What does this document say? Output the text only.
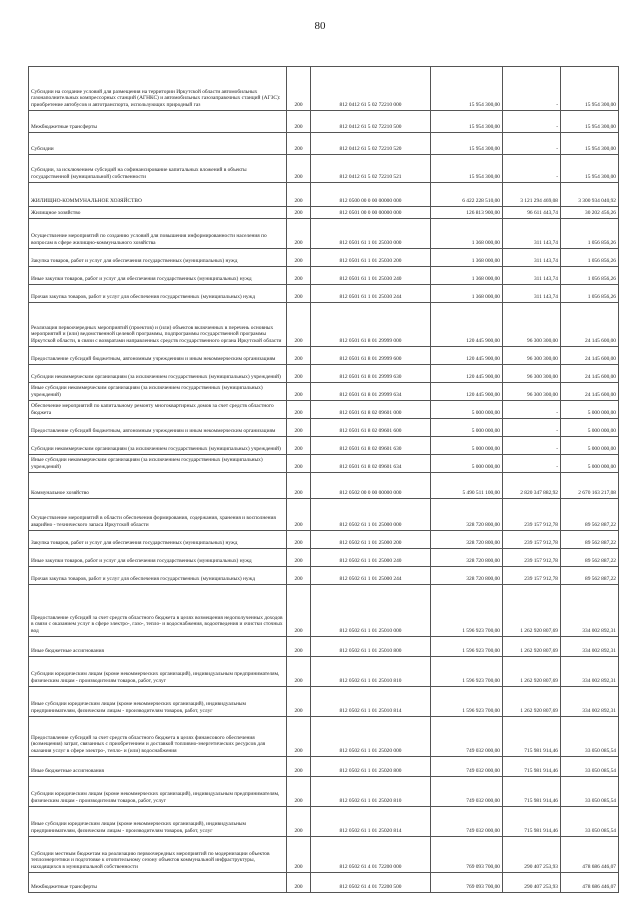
80
Субсидии на создание условий для размещения на территории Иркутской области автомобильных газонаполнительных компрессорных станций (АГНКС) и автомобильных газозаправочных станций (АГЗС): приобретение автобусов и автотранспорта, использующих природный газ	200	812 0412 61 5 02 72210 000	15 954 300,00	-	15 954 300,00
Межбюджетные трансферты	200	812 0412 61 5 02 72210 500	15 954 300,00	-	15 954 300,00
Субсидии	200	812 0412 61 5 02 72210 520	15 954 300,00	-	15 954 300,00
Субсидии, за исключением субсидий на софинансирование капитальных вложений в объекты государственной (муниципальной) собственности	200	812 0412 61 5 02 72210 521	15 954 300,00	-	15 954 300,00
ЖИЛИЩНО-КОММУНАЛЬНОЕ ХОЗЯЙСТВО	200	812 0500 00 0 00 00000 000	6 422 228 510,00	3 121 294 469,08	3 300 934 040,92
Жилищное хозяйство	200	812 0501 00 0 00 00000 000	126 813 900,00	96 611 443,74	30 202 456,26
Осуществление мероприятий по созданию условий для повышения информированности населения по вопросам в сфере жилищно-коммунального хозяйства	200	812 0501 61 1 01 25030 000	1 368 000,00	311 143,74	1 056 856,26
Закупка товаров, работ и услуг для обеспечения государственных (муниципальных) нужд	200	812 0501 61 1 01 25030 200	1 368 000,00	311 143,74	1 056 856,26
Иные закупки товаров, работ и услуг для обеспечения государственных (муниципальных) нужд	200	812 0501 61 1 01 25030 240	1 368 000,00	311 143,74	1 056 856,26
Прочая закупка товаров, работ и услуг для обеспечения государственных (муниципальных) нужд	200	812 0501 61 1 01 25030 244	1 368 000,00	311 143,74	1 056 856,26
Реализация первоочередных мероприятий (проектов) и (или) объектов включенных в перечень основных мероприятий и (или) ведомственной целевой программы, подпрограммы государственной программы Иркутской области, в связи с возвратами направленных средств государственного органа Иркутской области	200	812 0501 61 8 01 29999 000	120 445 900,00	96 300 300,00	24 145 600,00
Предоставление субсидий бюджетным, автономным учреждениям и иным некоммерческим организациям	200	812 0501 61 8 01 29999 600	120 445 900,00	96 300 300,00	24 145 600,00
Субсидии некоммерческим организациям (за исключением государственных (муниципальных) учреждений)	200	812 0501 61 8 01 29999 630	120 445 900,00	96 300 300,00	24 145 600,00
Иные субсидии некоммерческим организациям (за исключением государственных (муниципальных) учреждений)	200	812 0501 61 8 01 29999 634	120 445 900,00	96 300 300,00	24 145 600,00
Обеспечение мероприятий по капитальному ремонту многоквартирных домов за счет средств областного бюджета	200	812 0501 61 8 02 09601 000	5 000 000,00	-	5 000 000,00
Предоставление субсидий бюджетным, автономным учреждениям и иным некоммерческим организациям	200	812 0501 61 8 02 09601 600	5 000 000,00	-	5 000 000,00
Субсидии некоммерческим организациям (за исключением государственных (муниципальных) учреждений)	200	812 0501 61 8 02 09601 630	5 000 000,00	-	5 000 000,00
Иные субсидии некоммерческим организациям (за исключением государственных (муниципальных) учреждений)	200	812 0501 61 8 02 09601 634	5 000 000,00	-	5 000 000,00
Коммунальное хозяйство	200	812 0502 00 0 00 00000 000	5 490 511 100,00	2 820 347 882,92	2 670 163 217,08
Осуществление мероприятий в области обеспечения формирования, содержания, хранения и восполнения аварийно - технического запаса Иркутской области	200	812 0502 61 1 01 25000 000	328 720 800,00	239 157 912,78	89 562 887,22
Закупка товаров, работ и услуг для обеспечения государственных (муниципальных) нужд	200	812 0502 61 1 01 25000 200	328 720 800,00	239 157 912,78	89 562 887,22
Иные закупки товаров, работ и услуг для обеспечения государственных (муниципальных) нужд	200	812 0502 61 1 01 25000 240	328 720 800,00	239 157 912,78	89 562 887,22
Прочая закупка товаров, работ и услуг для обеспечения государственных (муниципальных) нужд	200	812 0502 61 1 01 25000 244	328 720 800,00	239 157 912,78	89 562 887,22
Предоставление субсидий за счет средств областного бюджета в целях возмещения недополученных доходов в связи с оказанием услуг в сфере электро-, газо-, тепло- и водоснабжения, водоотведения и очистки сточных вод	200	812 0502 61 1 01 25010 000	1 596 923 700,00	1 262 920 807,69	334 002 892,31
Иные бюджетные ассигнования	200	812 0502 61 1 01 25010 800	1 596 923 700,00	1 262 920 807,69	334 002 892,31
Субсидии юридическим лицам (кроме некоммерческих организаций), индивидуальным предпринимателям, физическим лицам - производителям товаров, работ, услуг	200	812 0502 61 1 01 25010 810	1 596 923 700,00	1 262 920 807,69	334 002 892,31
Иные субсидии юридическим лицам (кроме некоммерческих организаций), индивидуальным предпринимателям, физическим лицам - производителям товаров, работ, услуг	200	812 0502 61 1 01 25010 814	1 596 923 700,00	1 262 920 807,69	334 002 892,31
Предоставление субсидий за счет средств областного бюджета в целях финансового обеспечения (возмещения) затрат, связанных с приобретением и доставкой топливно-энергетических ресурсов для оказания услуг в сфере электро-, тепло- и (или) водоснабжения	200	812 0502 61 1 01 25020 000	749 032 000,00	715 981 914,46	33 050 085,54
Иные бюджетные ассигнования	200	812 0502 61 1 01 25020 800	749 032 000,00	715 981 914,46	33 050 085,54
Субсидии юридическим лицам (кроме некоммерческих организаций), индивидуальным предпринимателям, физическим лицам - производителям товаров, работ, услуг	200	812 0502 61 1 01 25020 810	749 032 000,00	715 981 914,46	33 050 085,54
Иные субсидии юридическим лицам (кроме некоммерческих организаций), индивидуальным предпринимателям, физическим лицам - производителям товаров, работ, услуг	200	812 0502 61 1 01 25020 814	749 032 000,00	715 981 914,46	33 050 085,54
Субсидии местным бюджетам на реализацию первоочередных мероприятий по модернизации объектов теплоэнергетики и подготовке к отопительному сезону объектов коммунальной инфраструктуры, находящихся в муниципальной собственности	200	812 0502 61 4 01 72200 000	769 093 700,00	290 407 253,93	478 686 446,07
Межбюджетные трансферты	200	812 0502 61 4 01 72200 500	769 093 700,00	290 407 253,93	478 686 446,07
